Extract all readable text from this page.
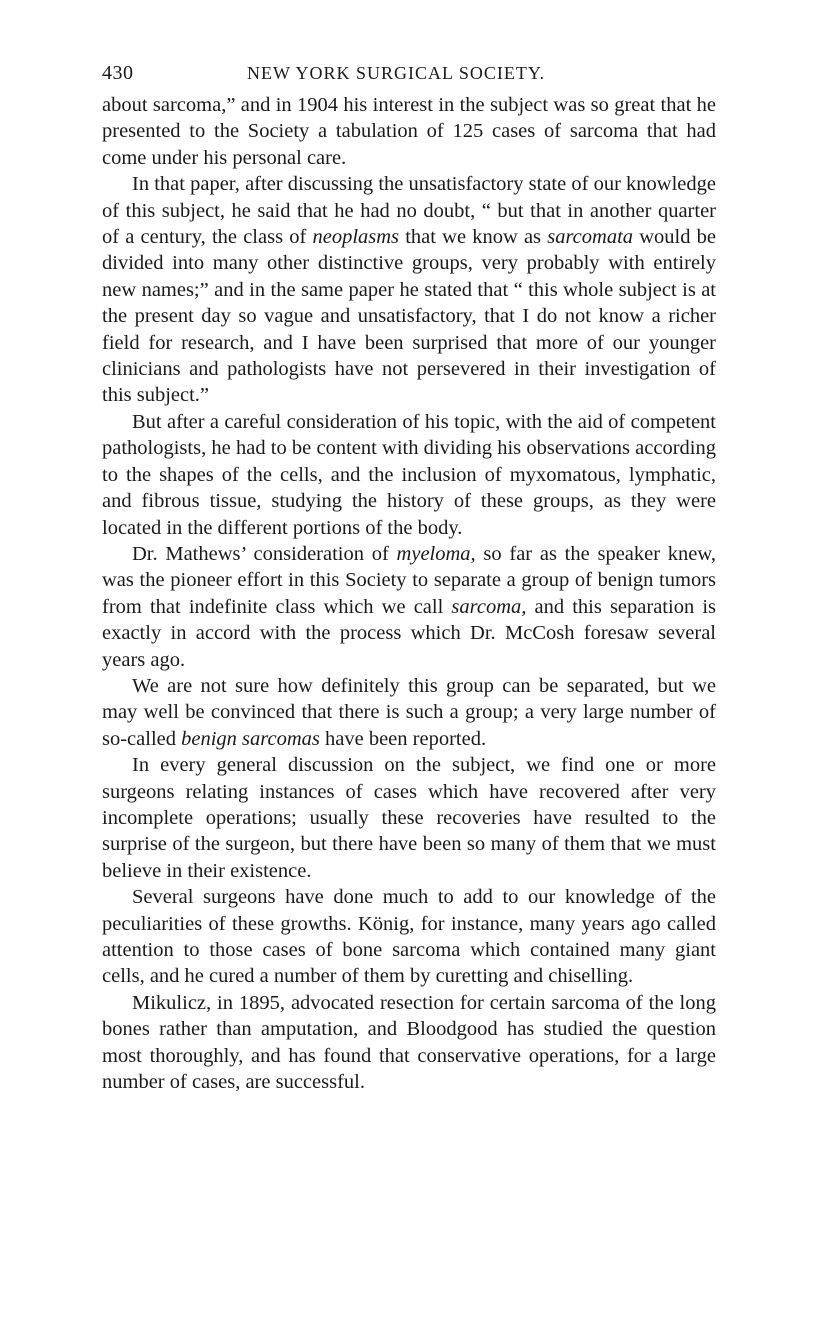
430	NEW YORK SURGICAL SOCIETY.

about sarcoma,” and in 1904 his interest in the subject was so great that he presented to the Society a tabulation of 125 cases of sarcoma that had come under his personal care.

In that paper, after discussing the unsatisfactory state of our knowledge of this subject, he said that he had no doubt, “ but that in another quarter of a century, the class of neoplasms that we know as sarcomata would be divided into many other distinctive groups, very probably with entirely new names;” and in the same paper he stated that “ this whole subject is at the present day so vague and unsatisfactory, that I do not know a richer field for research, and I have been surprised that more of our younger clinicians and pathologists have not persevered in their investigation of this subject.”

But after a careful consideration of his topic, with the aid of competent pathologists, he had to be content with dividing his observations according to the shapes of the cells, and the inclusion of myxomatous, lymphatic, and fibrous tissue, studying the history of these groups, as they were located in the different portions of the body.

Dr. Mathews’ consideration of myeloma, so far as the speaker knew, was the pioneer effort in this Society to separate a group of benign tumors from that indefinite class which we call sarcoma, and this separation is exactly in accord with the process which Dr. McCosh foresaw several years ago.

We are not sure how definitely this group can be separated, but we may well be convinced that there is such a group; a very large number of so-called benign sarcomas have been reported.

In every general discussion on the subject, we find one or more surgeons relating instances of cases which have recovered after very incomplete operations; usually these recoveries have resulted to the surprise of the surgeon, but there have been so many of them that we must believe in their existence.

Several surgeons have done much to add to our knowledge of the peculiarities of these growths. König, for instance, many years ago called attention to those cases of bone sarcoma which contained many giant cells, and he cured a number of them by curetting and chiselling.

Mikulicz, in 1895, advocated resection for certain sarcoma of the long bones rather than amputation, and Bloodgood has studied the question most thoroughly, and has found that conservative operations, for a large number of cases, are successful.
